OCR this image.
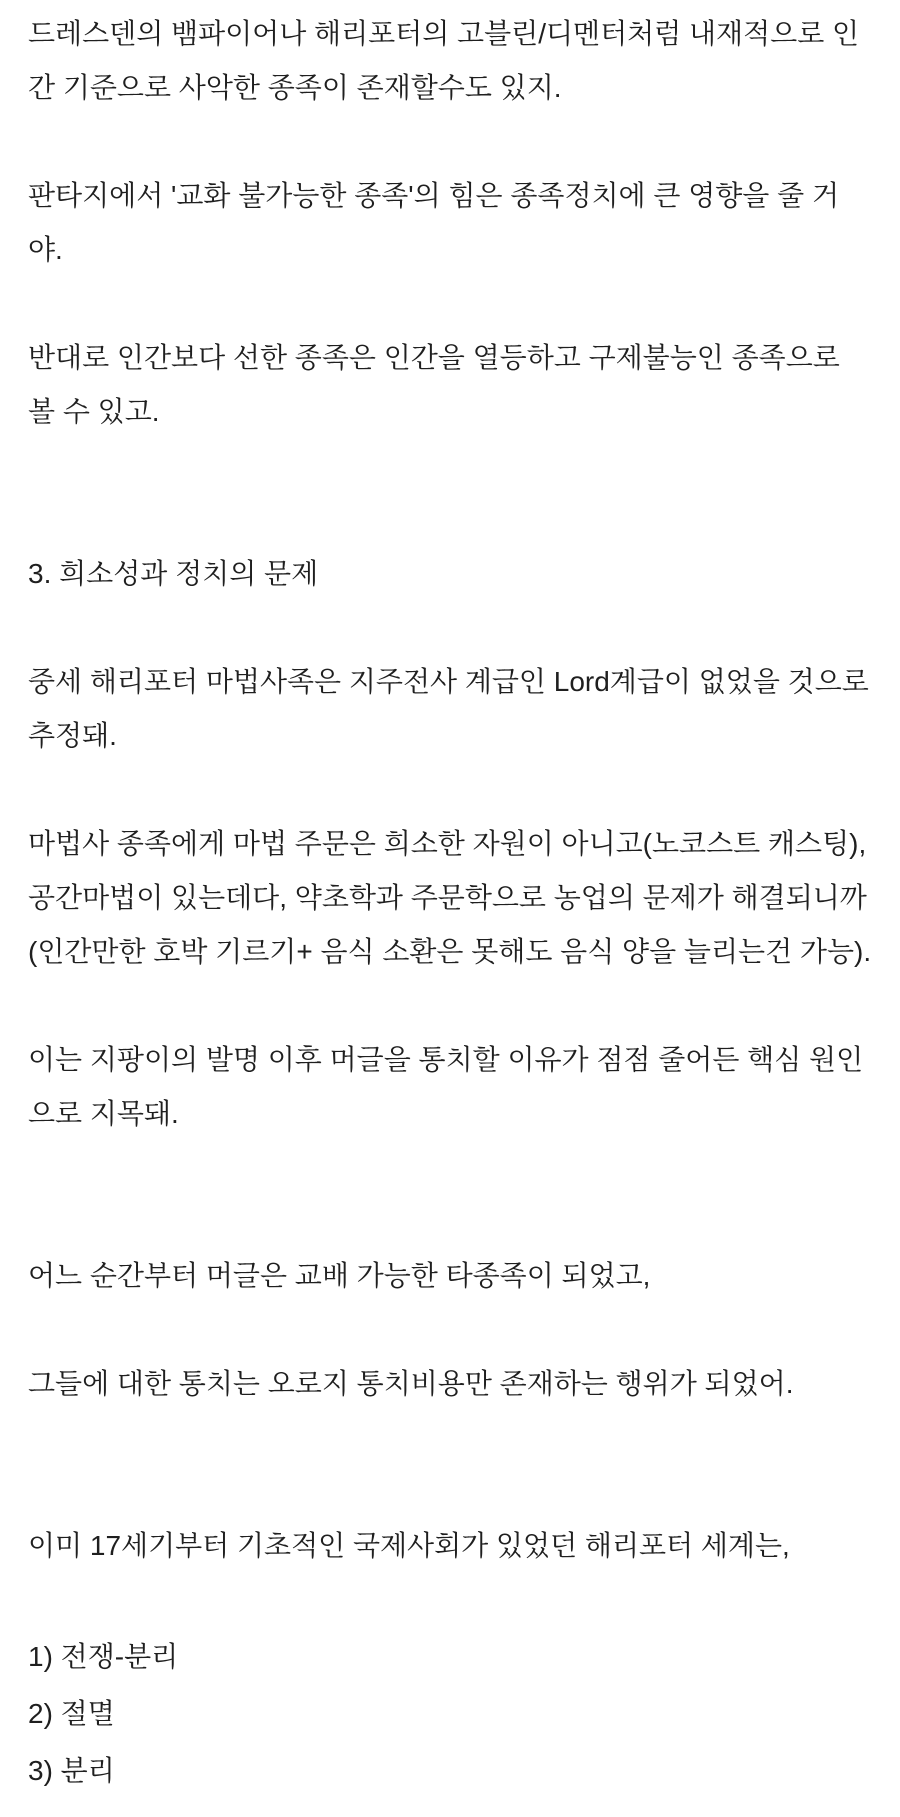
드레스덴의 뱀파이어나 해리포터의 고블린/디멘터처럼 내재적으로 인간 기준으로 사악한 종족이 존재할수도 있지.

판타지에서 '교화 불가능한 종족'의 힘은 종족정치에 큰 영향을 줄 거야.

반대로 인간보다 선한 종족은 인간을 열등하고 구제불능인 종족으로 볼 수 있고.

3. 희소성과 정치의 문제

중세 해리포터 마법사족은 지주전사 계급인 Lord계급이 없었을 것으로 추정돼.

마법사 종족에게 마법 주문은 희소한 자원이 아니고(노코스트 캐스팅), 공간마법이 있는데다, 약초학과 주문학으로 농업의 문제가 해결되니까(인간만한 호박 기르기+ 음식 소환은 못해도 음식 양을 늘리는건 가능).

이는 지팡이의 발명 이후 머글을 통치할 이유가 점점 줄어든 핵심 원인으로 지목돼.

어느 순간부터 머글은 교배 가능한 타종족이 되었고,

그들에 대한 통치는 오로지 통치비용만 존재하는 행위가 되었어.

이미 17세기부터 기초적인 국제사회가 있었던 해리포터 세계는,

1) 전쟁-분리

2) 절멸

3) 분리
